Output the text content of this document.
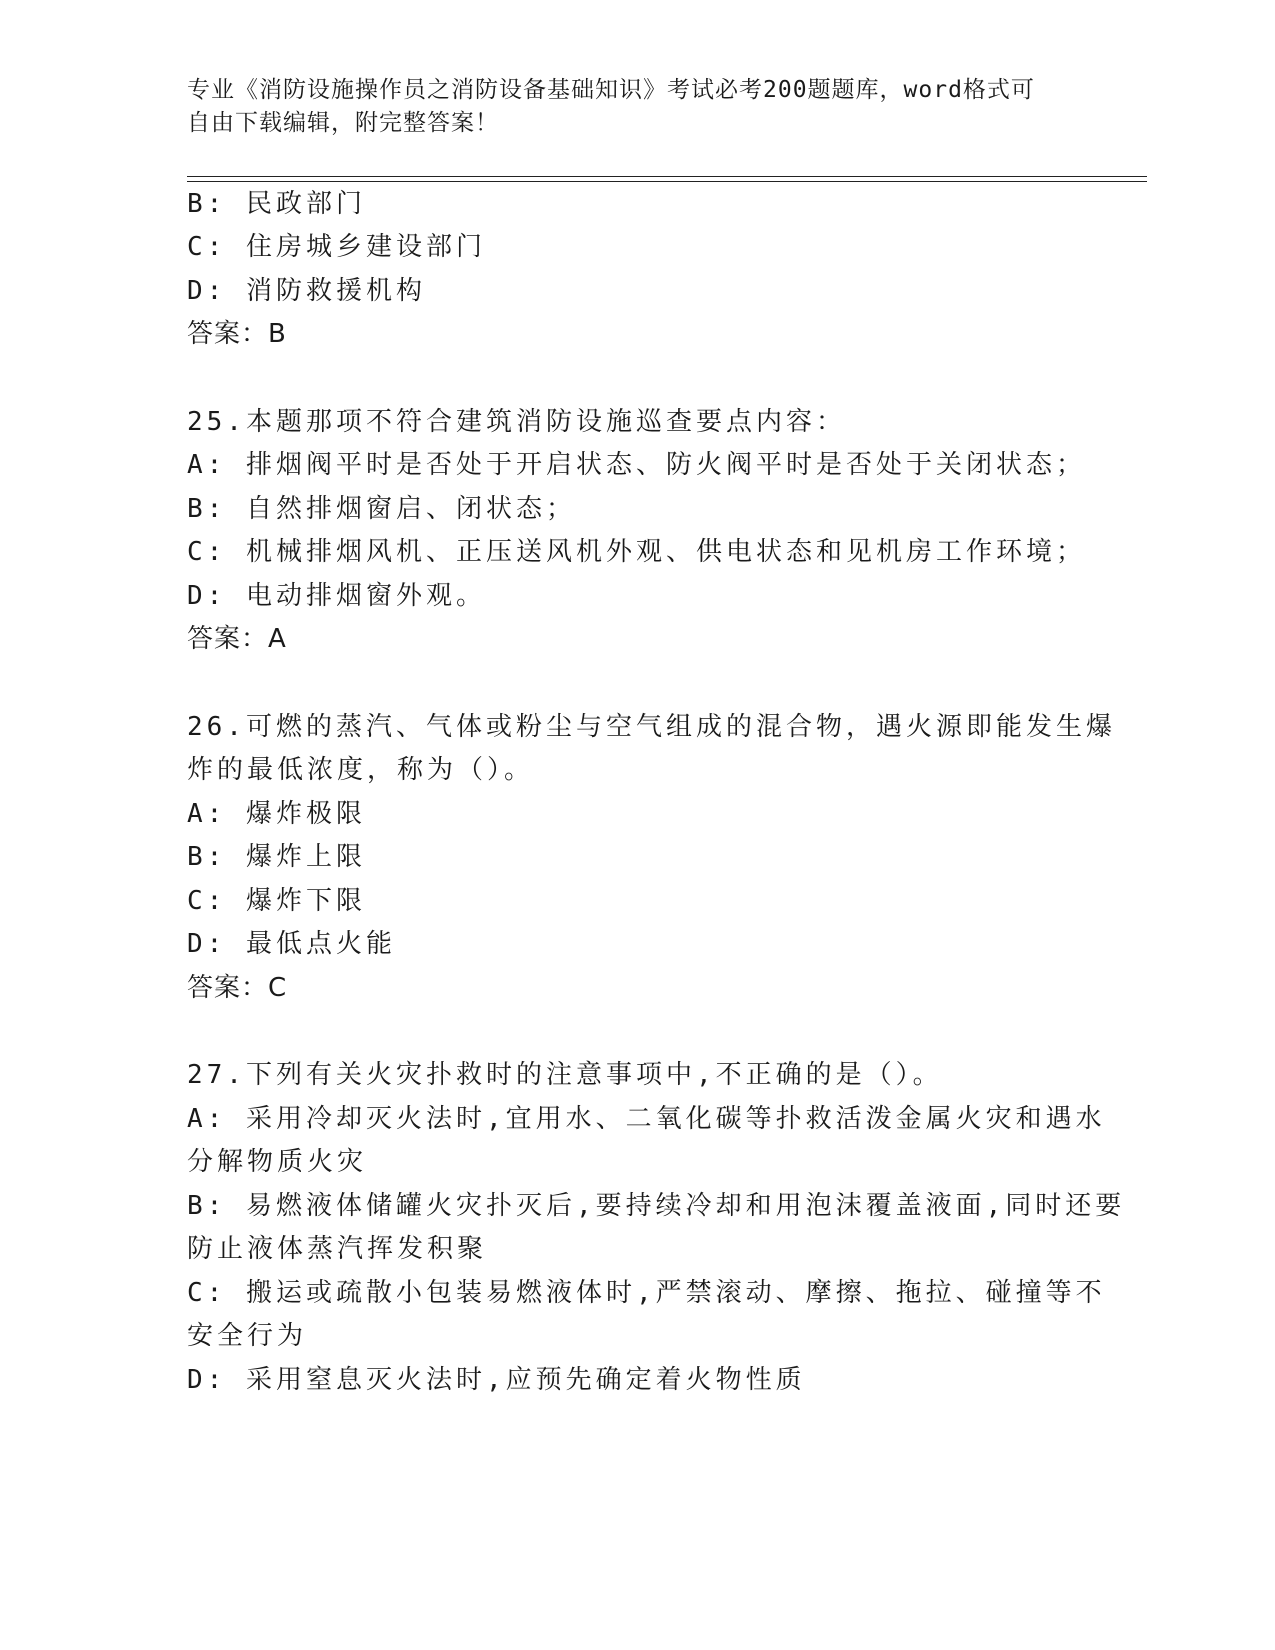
专业《消防设施操作员之消防设备基础知识》考试必考200题题库，word格式可
自由下载编辑，附完整答案！
B: 民政部门
C: 住房城乡建设部门
D: 消防救援机构
答案：B
25.本题那项不符合建筑消防设施巡查要点内容：
A: 排烟阀平时是否处于开启状态、防火阀平时是否处于关闭状态；
B: 自然排烟窗启、闭状态；
C: 机械排烟风机、正压送风机外观、供电状态和见机房工作环境；
D: 电动排烟窗外观。
答案：A
26.可燃的蒸汽、气体或粉尘与空气组成的混合物，遇火源即能发生爆
炸的最低浓度，称为（）。
A: 爆炸极限
B: 爆炸上限
C: 爆炸下限
D: 最低点火能
答案：C
27.下列有关火灾扑救时的注意事项中,不正确的是（）。
A: 采用冷却灭火法时,宜用水、二氧化碳等扑救活泼金属火灾和遇水
分解物质火灾
B: 易燃液体储罐火灾扑灭后,要持续冷却和用泡沫覆盖液面,同时还要
防止液体蒸汽挥发积聚
C: 搬运或疏散小包装易燃液体时,严禁滚动、摩擦、拖拉、碰撞等不
安全行为
D: 采用窒息灭火法时,应预先确定着火物性质
